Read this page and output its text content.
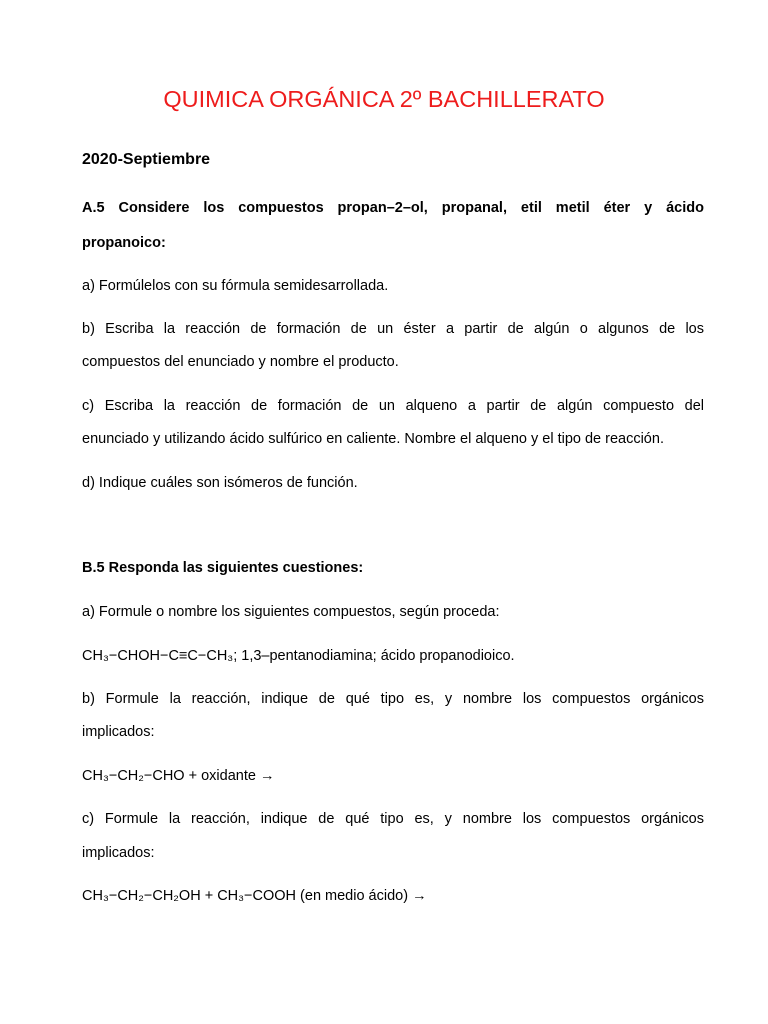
QUIMICA ORGÁNICA 2º BACHILLERATO
2020-Septiembre
A.5 Considere los compuestos propan–2–ol, propanal, etil metil éter y ácido
propanoico:
a) Formúlelos con su fórmula semidesarrollada.
b) Escriba la reacción de formación de un éster a partir de algún o algunos de los
compuestos del enunciado y nombre el producto.
c) Escriba la reacción de formación de un alqueno a partir de algún compuesto del
enunciado y utilizando ácido sulfúrico en caliente. Nombre el alqueno y el tipo de reacción.
d) Indique cuáles son isómeros de función.
B.5 Responda las siguientes cuestiones:
a) Formule o nombre los siguientes compuestos, según proceda:
CH₃−CHOH−C≡C−CH₃; 1,3–pentanodiamina; ácido propanodioico.
b) Formule la reacción, indique de qué tipo es, y nombre los compuestos orgánicos
implicados:
CH₃−CH₂−CHO + oxidante →
c) Formule la reacción, indique de qué tipo es, y nombre los compuestos orgánicos
implicados:
CH₃−CH₂−CH₂OH + CH₃−COOH (en medio ácido) →
